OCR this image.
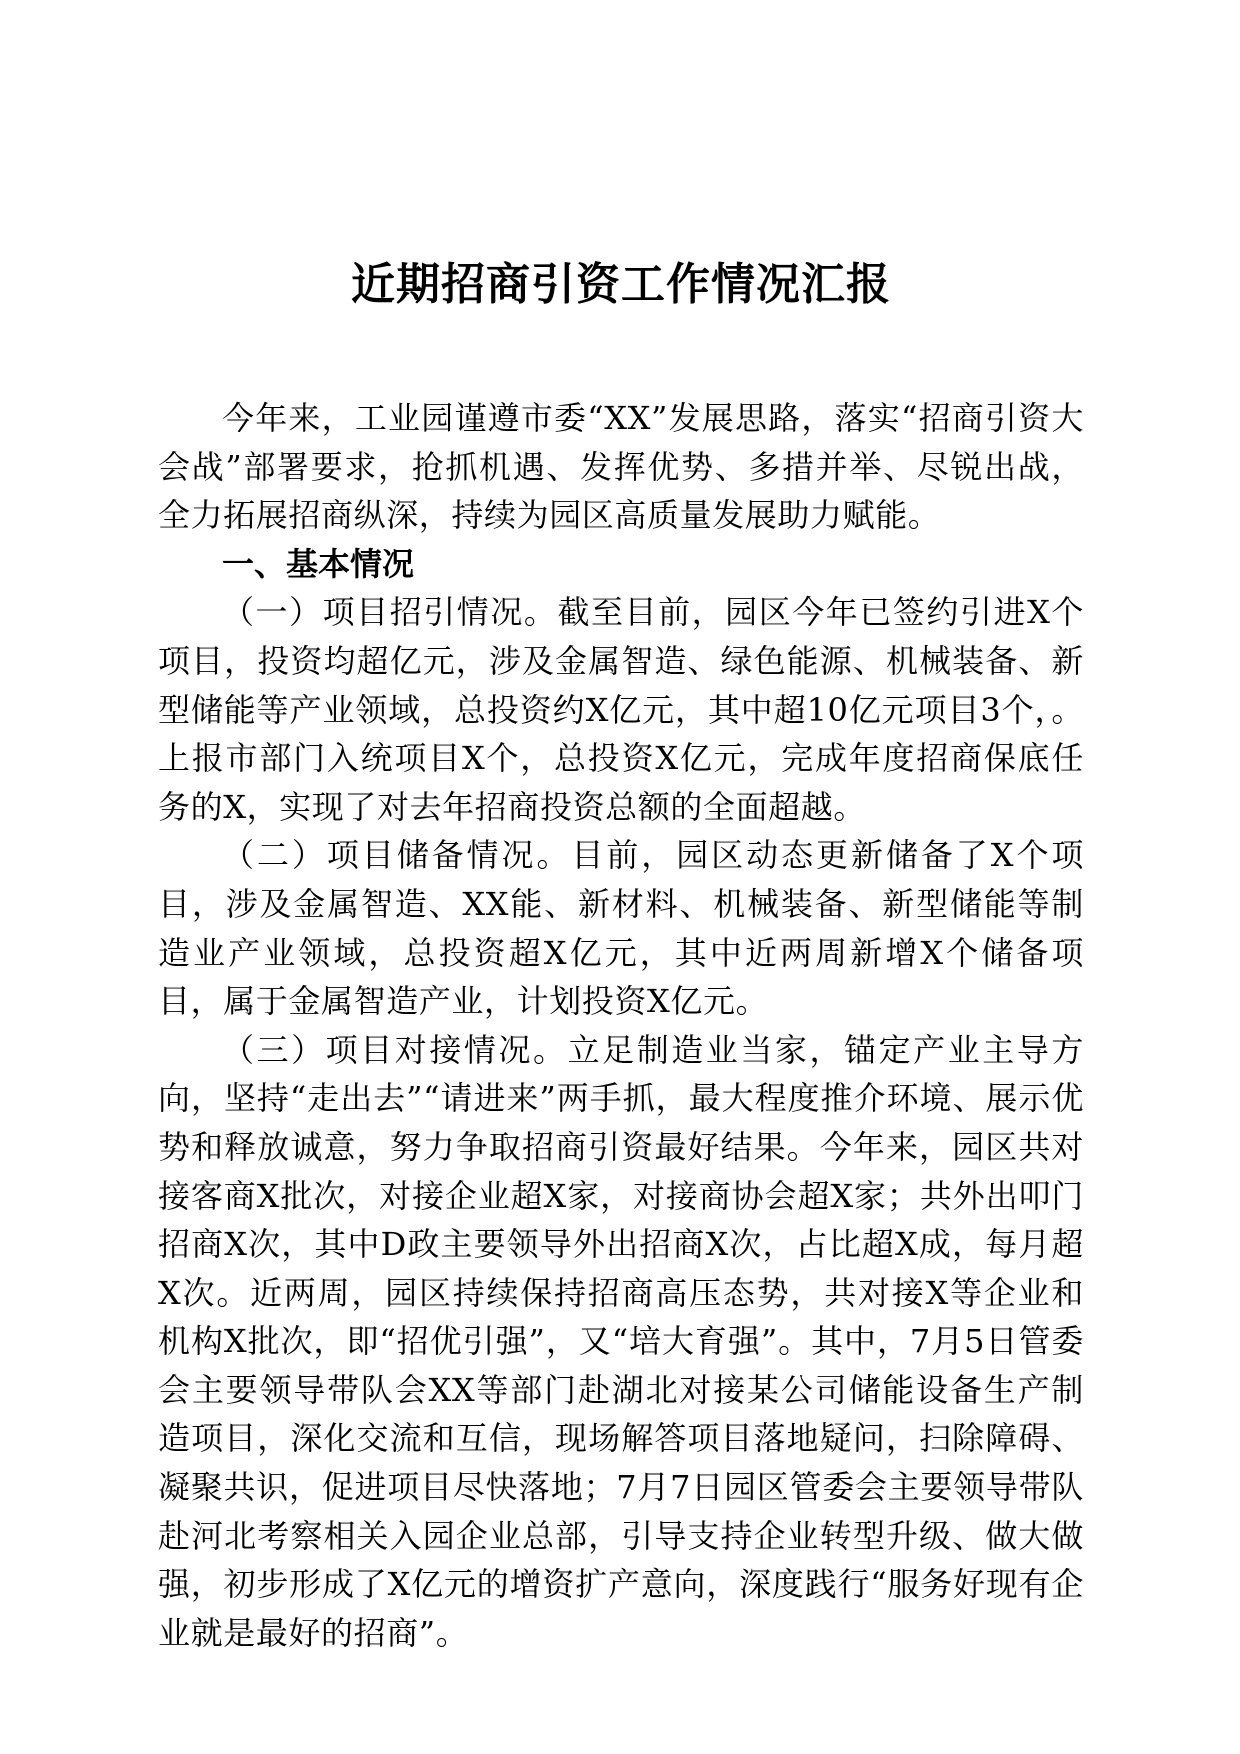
近期招商引资工作情况汇报

今年来，工业园谨遵市委“XX”发展思路，落实“招商引资大会战”部署要求，抢抓机遇、发挥优势、多措并举、尽锐出战，全力拓展招商纵深，持续为园区高质量发展助力赋能。

一、基本情况

（一）项目招引情况。截至目前，园区今年已签约引进X个项目，投资均超亿元，涉及金属智造、绿色能源、机械装备、新型储能等产业领域，总投资约X亿元，其中超10亿元项目3个，。上报市部门入统项目X个，总投资X亿元，完成年度招商保底任务的X，实现了对去年招商投资总额的全面超越。

（二）项目储备情况。目前，园区动态更新储备了X个项目，涉及金属智造、XX能、新材料、机械装备、新型储能等制造业产业领域，总投资超X亿元，其中近两周新增X个储备项目，属于金属智造产业，计划投资X亿元。

（三）项目对接情况。立足制造业当家，锚定产业主导方向，坚持“走出去”“请进来”两手抓，最大程度推介环境、展示优势和释放诚意，努力争取招商引资最好结果。今年来，园区共对接客商X批次，对接企业超X家，对接商协会超X家；共外出叩门招商X次，其中D政主要领导外出招商X次，占比超X成，每月超X次。近两周，园区持续保持招商高压态势，共对接X等企业和机构X批次，即“招优引强”，又“培大育强”。其中，7月5日管委会主要领导带队会XX等部门赴湖北对接某公司储能设备生产制造项目，深化交流和互信，现场解答项目落地疑问，扫除障碍、凝聚共识，促进项目尽快落地；7月7日园区管委会主要领导带队赴河北考察相关入园企业总部，引导支持企业转型升级、做大做强，初步形成了X亿元的增资扩产意向，深度践行“服务好现有企业就是最好的招商”。
